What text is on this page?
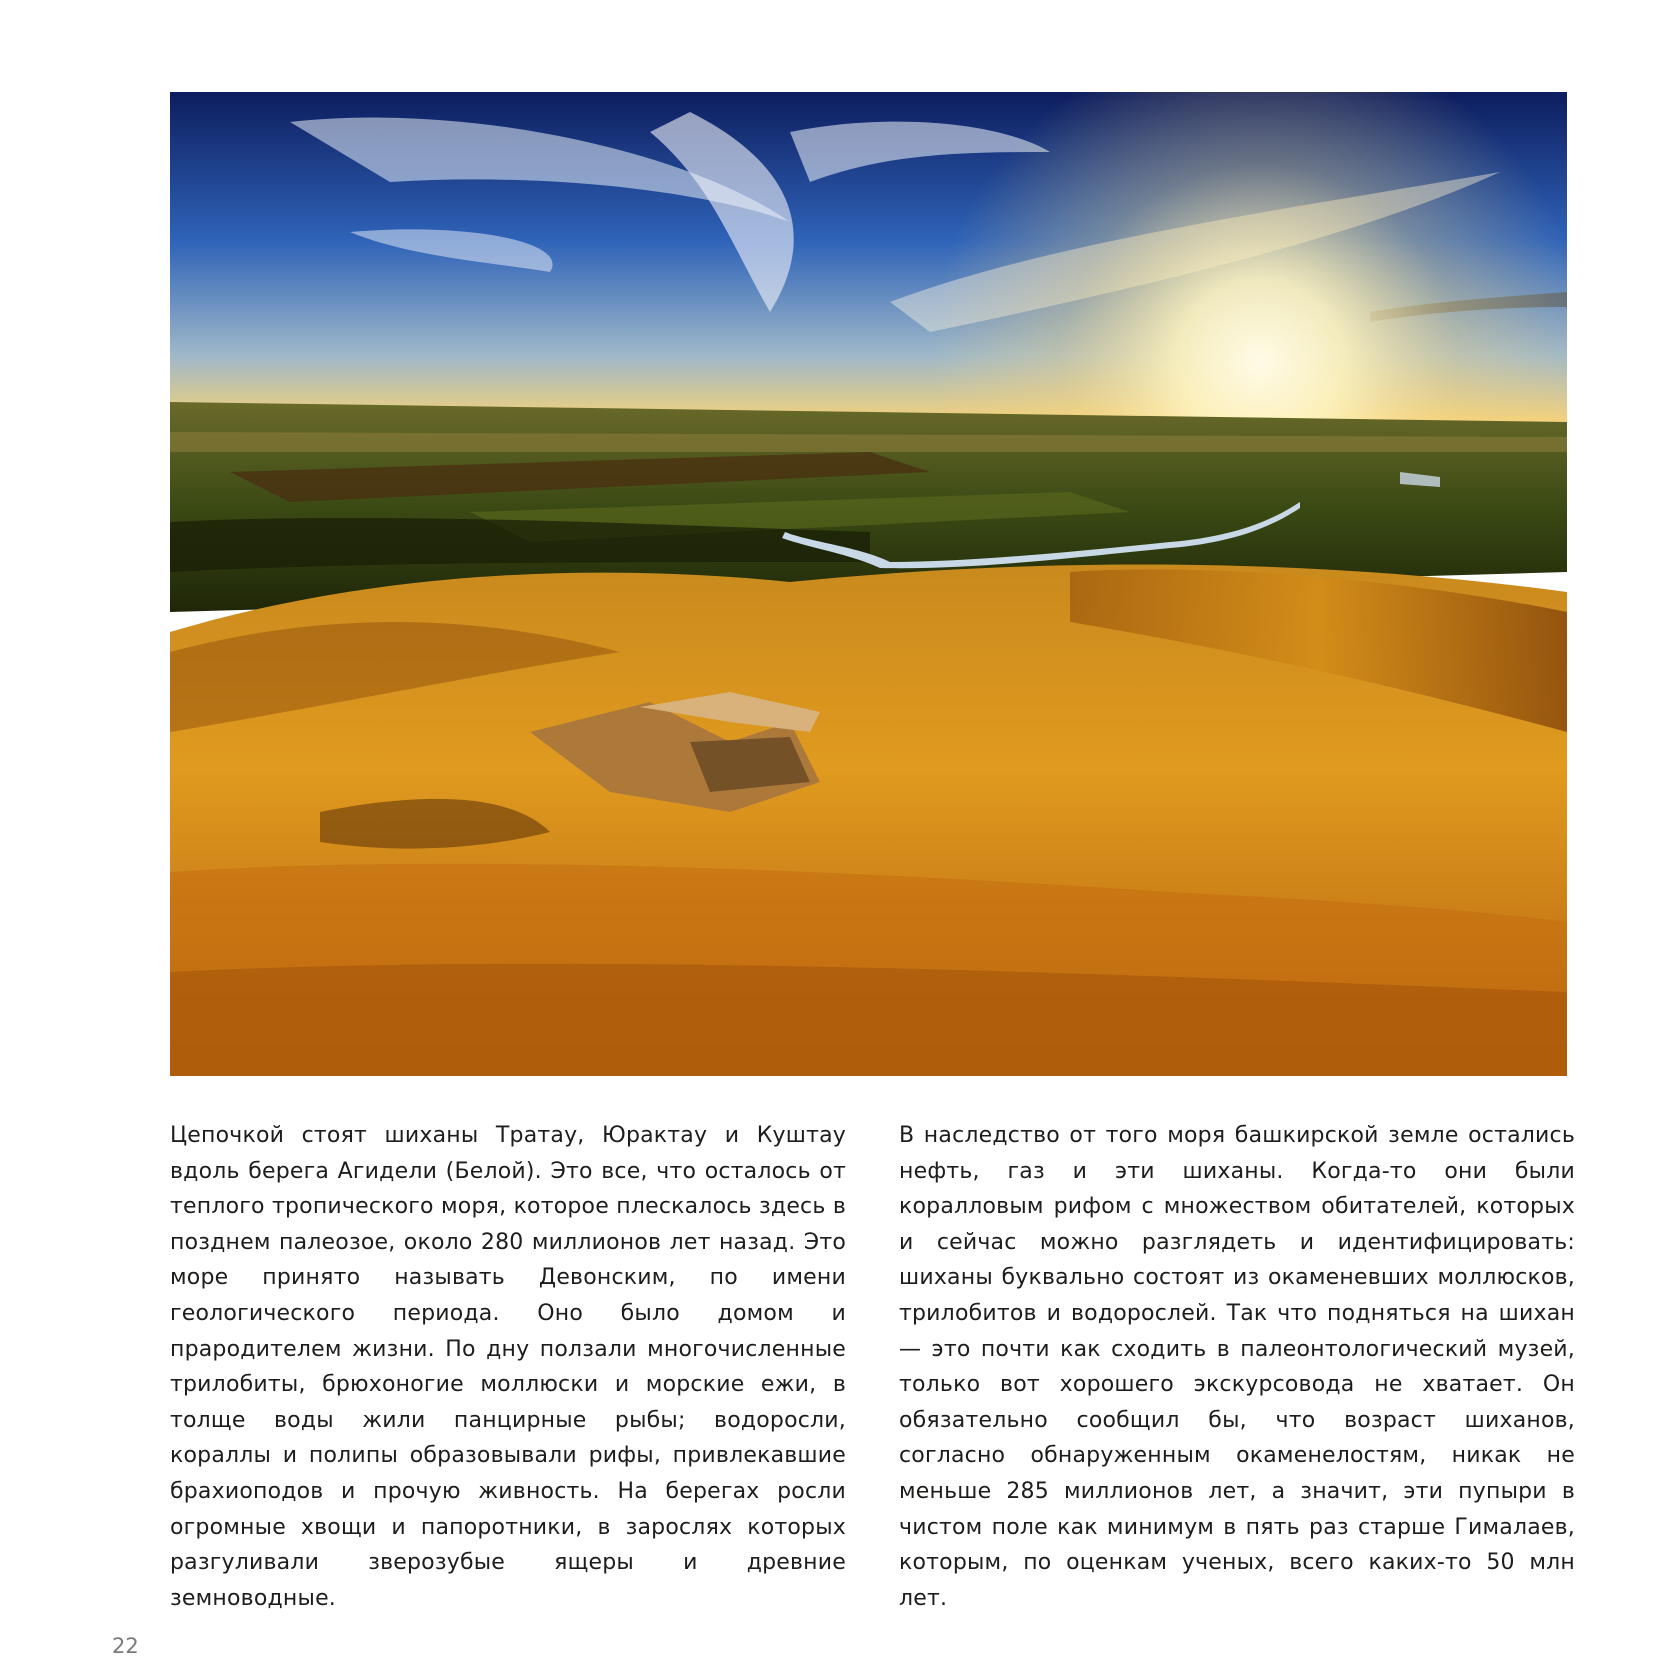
Цепочкой стоят шиханы Тратау, Юрактау и Куштау вдоль берега Агидели (Белой). Это все, что осталось от теплого тропического моря, которое плескалось здесь в позднем палеозое, около 280 миллионов лет назад. Это море принято называть Девонским, по имени геологического периода. Оно было домом и прародителем жизни. По дну ползали многочисленные трилобиты, брюхоногие моллюски и морские ежи, в толще воды жили панцирные рыбы; водоросли, кораллы и полипы образовывали рифы, привлекавшие брахиоподов и прочую живность. На берегах росли огромные хвощи и папоротники, в зарослях которых разгуливали зверозубые ящеры и древние земноводные.

В наследство от того моря башкирской земле остались нефть, газ и эти шиханы. Когда-то они были коралловым рифом с множеством обитателей, которых и сейчас можно разглядеть и идентифицировать: шиханы буквально состоят из окаменевших моллюсков, трилобитов и водорослей. Так что подняться на шихан — это почти как сходить в палеонтологический музей, только вот хорошего экскурсовода не хватает. Он обязательно сообщил бы, что возраст шиханов, согласно обнаруженным окаменелостям, никак не меньше 285 миллионов лет, а значит, эти пупыри в чистом поле как минимум в пять раз старше Гималаев, которым, по оценкам ученых, всего каких-то 50 млн лет.

22
